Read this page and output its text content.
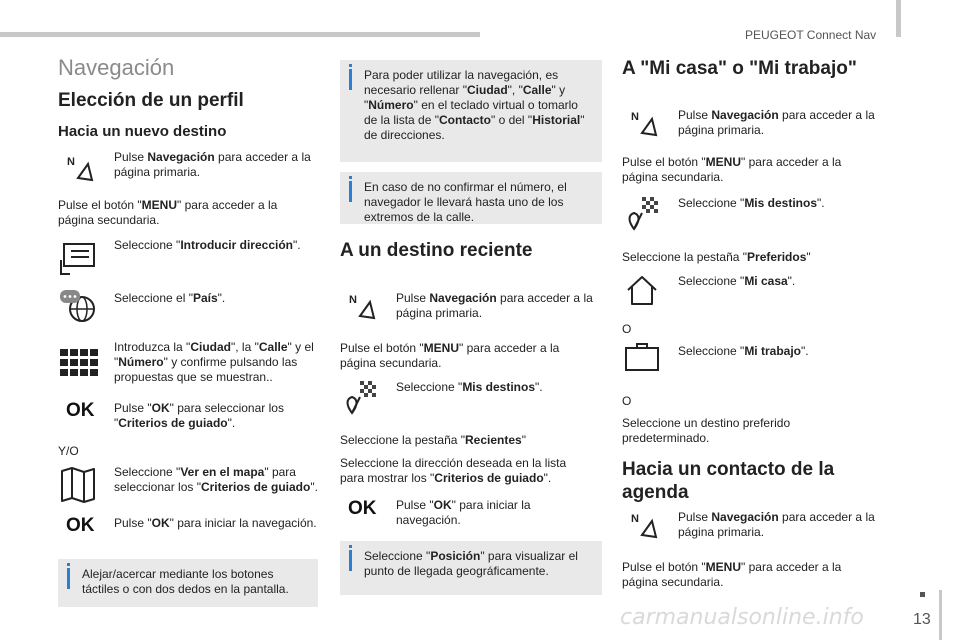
PEUGEOT Connect Nav
Navegación
Elección de un perfil
Hacia un nuevo destino
N	Pulse Navegación para acceder a la página primaria.
Pulse el botón "MENU" para acceder a la página secundaria.
Seleccione "Introducir dirección".
Seleccione el "País".
Introduzca la "Ciudad", la "Calle" y el "Número" y confirme pulsando las propuestas que se muestran..
OK Pulse "OK" para seleccionar los "Criterios de guiado".
Y/O
Seleccione "Ver en el mapa" para seleccionar los "Criterios de guiado".
OK Pulse "OK" para iniciar la navegación.
Alejar/acercar mediante los botones táctiles o con dos dedos en la pantalla.
Para poder utilizar la navegación, es necesario rellenar "Ciudad", "Calle" y "Número" en el teclado virtual o tomarlo de la lista de "Contacto" o del "Historial" de direcciones.
En caso de no confirmar el número, el navegador le llevará hasta uno de los extremos de la calle.
A un destino reciente
N	Pulse Navegación para acceder a la página primaria.
Pulse el botón "MENU" para acceder a la página secundaria.
Seleccione "Mis destinos".
Seleccione la pestaña "Recientes"
Seleccione la dirección deseada en la lista para mostrar los "Criterios de guiado".
OK Pulse "OK" para iniciar la navegación.
Seleccione "Posición" para visualizar el punto de llegada geográficamente.
A "Mi casa" o "Mi trabajo"
N	Pulse Navegación para acceder a la página primaria.
Pulse el botón "MENU" para acceder a la página secundaria.
Seleccione "Mis destinos".
Seleccione la pestaña "Preferidos"
Seleccione "Mi casa".
O
Seleccione "Mi trabajo".
O
Seleccione un destino preferido predeterminado.
Hacia un contacto de la agenda
N	Pulse Navegación para acceder a la página primaria.
Pulse el botón "MENU" para acceder a la página secundaria.
carmanualsonline.info	13
